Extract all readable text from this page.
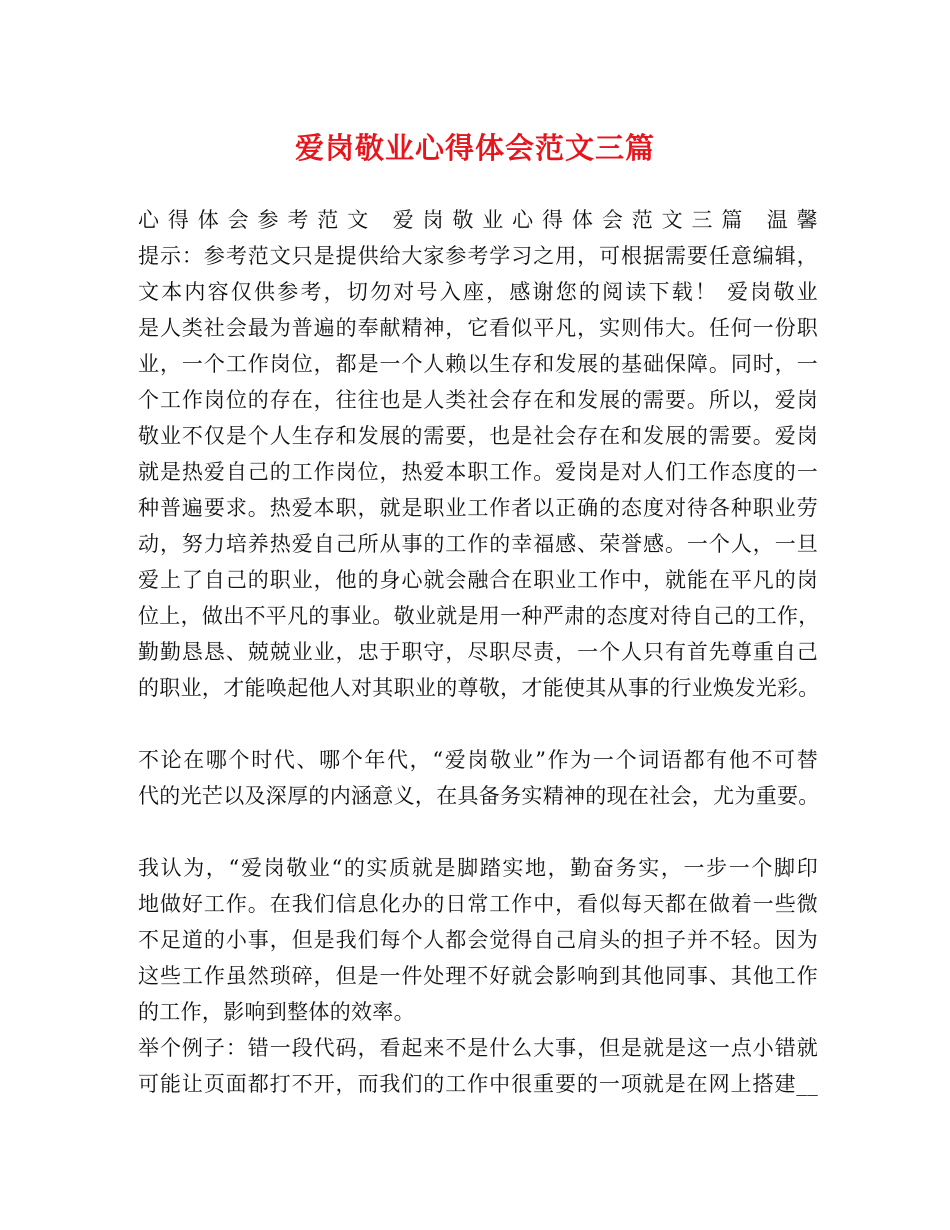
爱岗敬业心得体会范文三篇
心得体会参考范文 爱岗敬业心得体会范文三篇 温馨
提示：参考范文只是提供给大家参考学习之用，可根据需要任意编辑，
文本内容仅供参考，切勿对号入座，感谢您的阅读下载！ 爱岗敬业
是人类社会最为普遍的奉献精神，它看似平凡，实则伟大。任何一份职
业，一个工作岗位，都是一个人赖以生存和发展的基础保障。同时，一
个工作岗位的存在，往往也是人类社会存在和发展的需要。所以，爱岗
敬业不仅是个人生存和发展的需要，也是社会存在和发展的需要。爱岗
就是热爱自己的工作岗位，热爱本职工作。爱岗是对人们工作态度的一
种普遍要求。热爱本职，就是职业工作者以正确的态度对待各种职业劳
动，努力培养热爱自己所从事的工作的幸福感、荣誉感。一个人，一旦
爱上了自己的职业，他的身心就会融合在职业工作中，就能在平凡的岗
位上，做出不平凡的事业。敬业就是用一种严肃的态度对待自己的工作，
勤勤恳恳、兢兢业业，忠于职守，尽职尽责，一个人只有首先尊重自己
的职业，才能唤起他人对其职业的尊敬，才能使其从事的行业焕发光彩。
不论在哪个时代、哪个年代，“爱岗敬业”作为一个词语都有他不可替
代的光芒以及深厚的内涵意义，在具备务实精神的现在社会，尤为重要。
我认为，“爱岗敬业“的实质就是脚踏实地，勤奋务实，一步一个脚印
地做好工作。在我们信息化办的日常工作中，看似每天都在做着一些微
不足道的小事，但是我们每个人都会觉得自己肩头的担子并不轻。因为
这些工作虽然琐碎，但是一件处理不好就会影响到其他同事、其他工作
的工作，影响到整体的效率。
举个例子：错一段代码，看起来不是什么大事，但是就是这一点小错就
可能让页面都打不开，而我们的工作中很重要的一项就是在网上搭建__
